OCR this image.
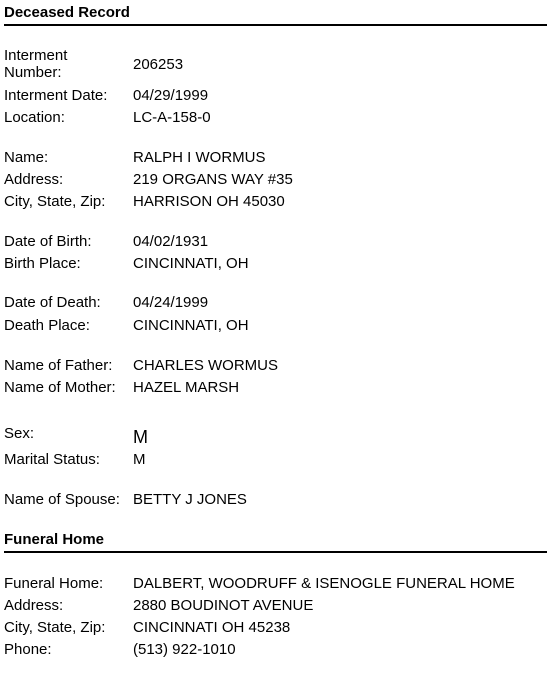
Deceased Record
Interment Number:	206253
Interment Date:	04/29/1999
Location:	LC-A-158-0
Name:	RALPH I WORMUS
Address:	219 ORGANS WAY #35
City, State, Zip:	HARRISON OH 45030
Date of Birth:	04/02/1931
Birth Place:	CINCINNATI, OH
Date of Death:	04/24/1999
Death Place:	CINCINNATI, OH
Name of Father:	CHARLES WORMUS
Name of Mother:	HAZEL MARSH
Sex:	M
Marital Status:	M
Name of Spouse: BETTY J JONES
Funeral Home
Funeral Home:	DALBERT, WOODRUFF & ISENOGLE FUNERAL HOME
Address:	2880 BOUDINOT AVENUE
City, State, Zip:	CINCINNATI OH 45238
Phone:	(513) 922-1010
